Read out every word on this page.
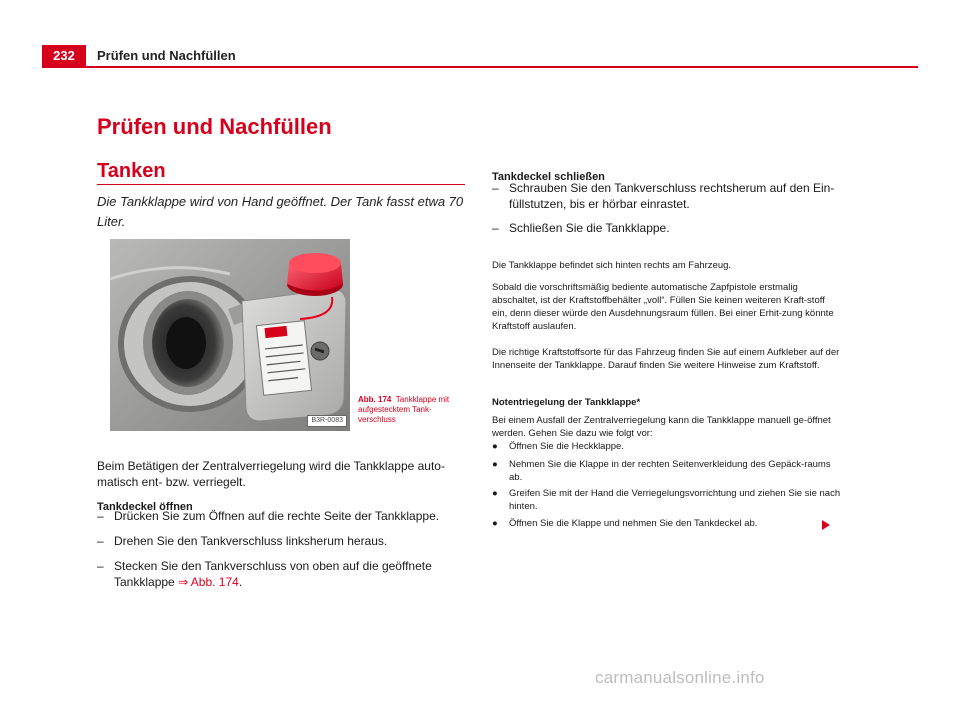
232	Prüfen und Nachfüllen
Prüfen und Nachfüllen
Tanken

Die Tankklappe wird von Hand geöffnet. Der Tank fasst etwa 70 Liter.

B3R-0083

Abb. 174 Tankklappe mit aufgestecktem Tank-verschluss

Beim Betätigen der Zentralverriegelung wird die Tankklappe auto-matisch ent- bzw. verriegelt.

Tankdeckel öffnen

– Drücken Sie zum Öffnen auf die rechte Seite der Tankklappe.
– Drehen Sie den Tankverschluss linksherum heraus.
– Stecken Sie den Tankverschluss von oben auf die geöffnete Tankklappe ⇒ Abb. 174.

Tankdeckel schließen

– Schrauben Sie den Tankverschluss rechtsherum auf den Ein-füllstutzen, bis er hörbar einrastet.
– Schließen Sie die Tankklappe.

Die Tankklappe befindet sich hinten rechts am Fahrzeug.

Sobald die vorschriftsmäßig bediente automatische Zapfpistole erstmalig abschaltet, ist der Kraftstoffbehälter „voll“. Füllen Sie keinen weiteren Kraft-stoff ein, denn dieser würde den Ausdehnungsraum füllen. Bei einer Erhit-zung könnte Kraftstoff auslaufen.

Die richtige Kraftstoffsorte für das Fahrzeug finden Sie auf einem Aufkleber auf der Innenseite der Tankklappe. Darauf finden Sie weitere Hinweise zum Kraftstoff.

Notentriegelung der Tankklappe*

Bei einem Ausfall der Zentralverriegelung kann die Tankklappe manuell ge-öffnet werden. Gehen Sie dazu wie folgt vor:

●	Öffnen Sie die Heckklappe.
●	Nehmen Sie die Klappe in der rechten Seitenverkleidung des Gepäck-raums ab.
●	Greifen Sie mit der Hand die Verriegelungsvorrichtung und ziehen Sie sie nach hinten.
●	Öffnen Sie die Klappe und nehmen Sie den Tankdeckel ab.
carmanualsonline.info
